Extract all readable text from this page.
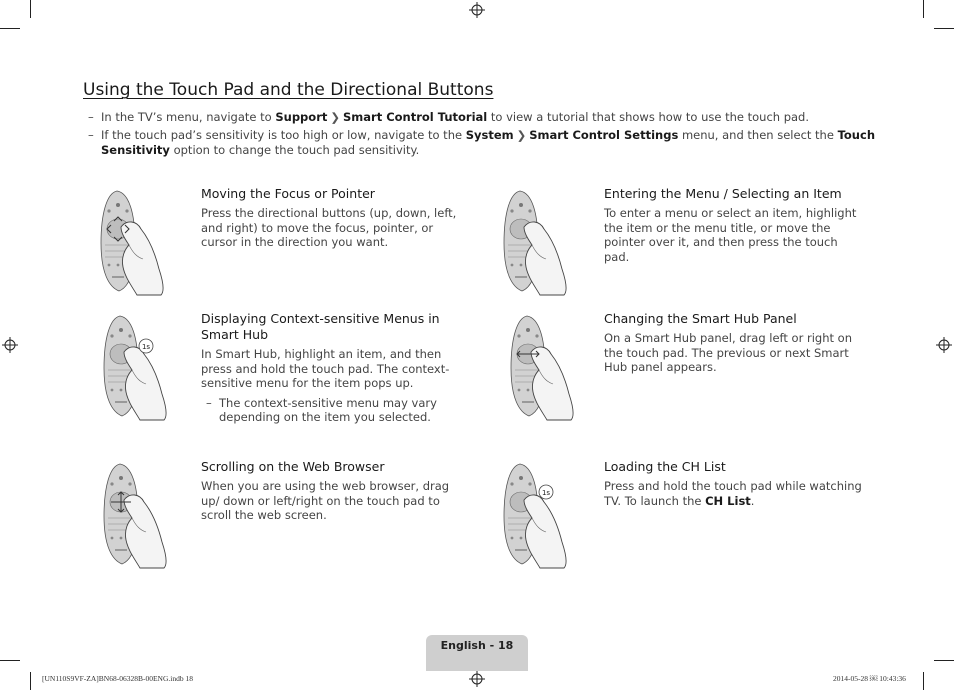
Using the Touch Pad and the Directional Buttons
– In the TV’s menu, navigate to Support ❯ Smart Control Tutorial to view a tutorial that shows how to use the touch pad.
– If the touch pad’s sensitivity is too high or low, navigate to the System ❯ Smart Control Settings menu, and then select the Touch Sensitivity option to change the touch pad sensitivity.
Moving the Focus or Pointer
Press the directional buttons (up, down, left, and right) to move the focus, pointer, or cursor in the direction you want.
Entering the Menu / Selecting an Item
To enter a menu or select an item, highlight the item or the menu title, or move the pointer over it, and then press the touch pad.
1s
Displaying Context-sensitive Menus in Smart Hub
In Smart Hub, highlight an item, and then press and hold the touch pad. The context-sensitive menu for the item pops up.
– The context-sensitive menu may vary depending on the item you selected.
Changing the Smart Hub Panel
On a Smart Hub panel, drag left or right on the touch pad. The previous or next Smart Hub panel appears.
Scrolling on the Web Browser
When you are using the web browser, drag up/ down or left/right on the touch pad to scroll the web screen.
1s
Loading the CH List
Press and hold the touch pad while watching TV. To launch the CH List.
English - 18
[UN110S9VF-ZA]BN68-06328B-00ENG.indb 18	2014-05-28 ￼ 10:43:36
